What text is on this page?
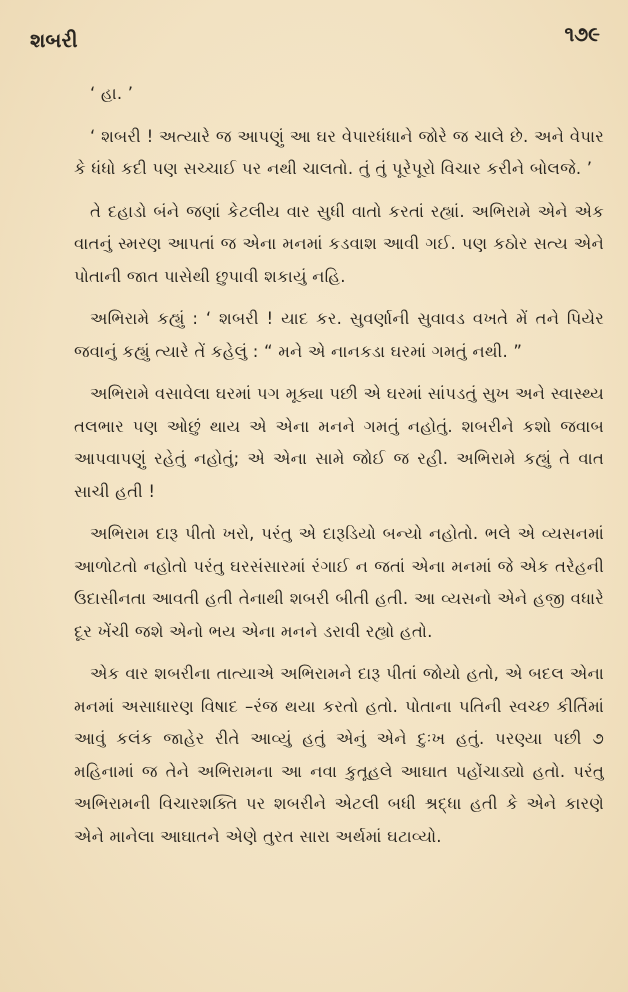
શબરી	૧૭૯

‘ હા. ’

‘ શબરી ! અત્યારે જ આપણું આ ઘર વેપારધંધાને જોરે જ ચાલે છે. અને વેપાર કે ધંધો કદી પણ સચ્ચાઈ પર નથી ચાલતો. તું તું પૂરેપૂરો વિચાર કરીને બોલજે. ’

તે દહાડો બંને જણાં કેટલીય વાર સુધી વાતો કરતાં રહ્યાં. અભિરામે એને એક વાતનું સ્મરણ આપતાં જ એના મનમાં કડવાશ આવી ગઈ. પણ કઠોર સત્ય એને પોતાની જાત પાસેથી છુપાવી શકાયું નહિ.

અભિરામે કહ્યું : ‘ શબરી ! યાદ કર. સુવર્ણાની સુવાવડ વખતે મેં તને પિયેર જવાનું કહ્યું ત્યારે તેં કહેલું : “ મને એ નાનકડા ઘરમાં ગમતું નથી. ”

અભિરામે વસાવેલા ઘરમાં પગ મૂક્યા પછી એ ઘરમાં સાંપડતું સુખ અને સ્વાસ્થ્ય તલભાર પણ ઓછું થાય એ એના મનને ગમતું નહોતું. શબરીને કશો જવાબ આપવાપણું રહેતું નહોતું; એ એના સામે જોઈ જ રહી. અભિરામે કહ્યું તે વાત સાચી હતી !

અભિરામ દારૂ પીતો ખરો, પરંતુ એ દારૂડિયો બન્યો નહોતો. ભલે એ વ્યસનમાં આળોટતો નહોતો પરંતુ ઘરસંસારમાં રંગાઈ ન જતાં એના મનમાં જે એક તરેહની ઉદાસીનતા આવતી હતી તેનાથી શબરી બીતી હતી. આ વ્યસનો એને હજી વધારે દૂર ખેંચી જશે એનો ભય એના મનને ડરાવી રહ્યો હતો.

એક વાર શબરીના તાત્યાએ અભિરામને દારૂ પીતાં જોયો હતો, એ બદલ એના મનમાં અસાધારણ વિષાદ –રંજ થયા કરતો હતો. પોતાના પતિની સ્વચ્છ કીર્તિમાં આવું કલંક જાહેર રીતે આવ્યું હતું એનું એને દુઃખ હતું. પરણ્યા પછી ૭ મહિનામાં જ તેને અભિરામના આ નવા કુતૂહલે આઘાત પહોંચાડ્યો હતો. પરંતુ અભિરામની વિચારશક્તિ પર શબરીને એટલી બધી શ્રદ્ધા હતી કે એને કારણે એને માનેલા આઘાતને એણે તુરત સારા અર્થમાં ઘટાવ્યો.
